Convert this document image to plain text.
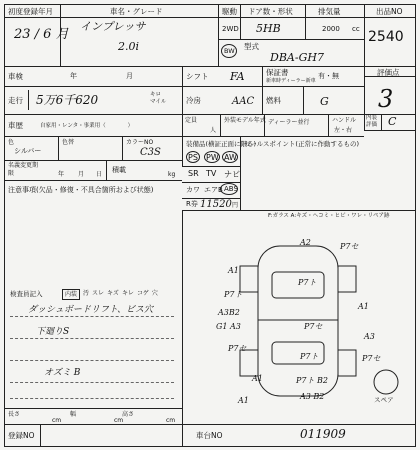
初度登録年月
23 / 6 月
車名・グレード
インプレッサ
2.0i
駆動 ドア数・形状	排気量
2WD 5HB	2000 cc
出品NO
2540
BW 型式
DBA-GH7
車検	年	月	シフト FA	保証書
新車時ディーラー新車
有・無	評価点
3
走行 5万6千620	キロ
マイル	冷房	AAC 燃料	G
車歴	自家用・レンタ・事業用（　　　　）
定員
人
外装モデル年式 ディーラー並行	ハンドル
左・右
内装評価 C
色
シルバー
色替	カラーNO
C3S
名義変更期限	年 月 日
積載
kg
注意事項(欠品・修復・不具合箇所および状態)
装備品(横証正面に限る)
PS PW AW
SR TV ナビ
カワ エアB ABS
R券 11520 円
セールスポイント(正常に作動するもの)
F:ガラス A:キズ・ヘコミ・ヒビ・ワレ・リペア跡
検査員記入	内装	汚 スレ キズ キレ コゲ 穴
ダッシュボードリフト、ビス穴
下廻りS
オズミ B
A2	P7セ
A1
P7ト
P7ト
A1
A3B2
G1 A3	P7セ
P7セ
A3
P7ト	P7セ
A1	P7ト B2
A3 B2
A1	スペア
長さ
cm
幅
cm
高さ
cm
登録NO	車台NO	011909
